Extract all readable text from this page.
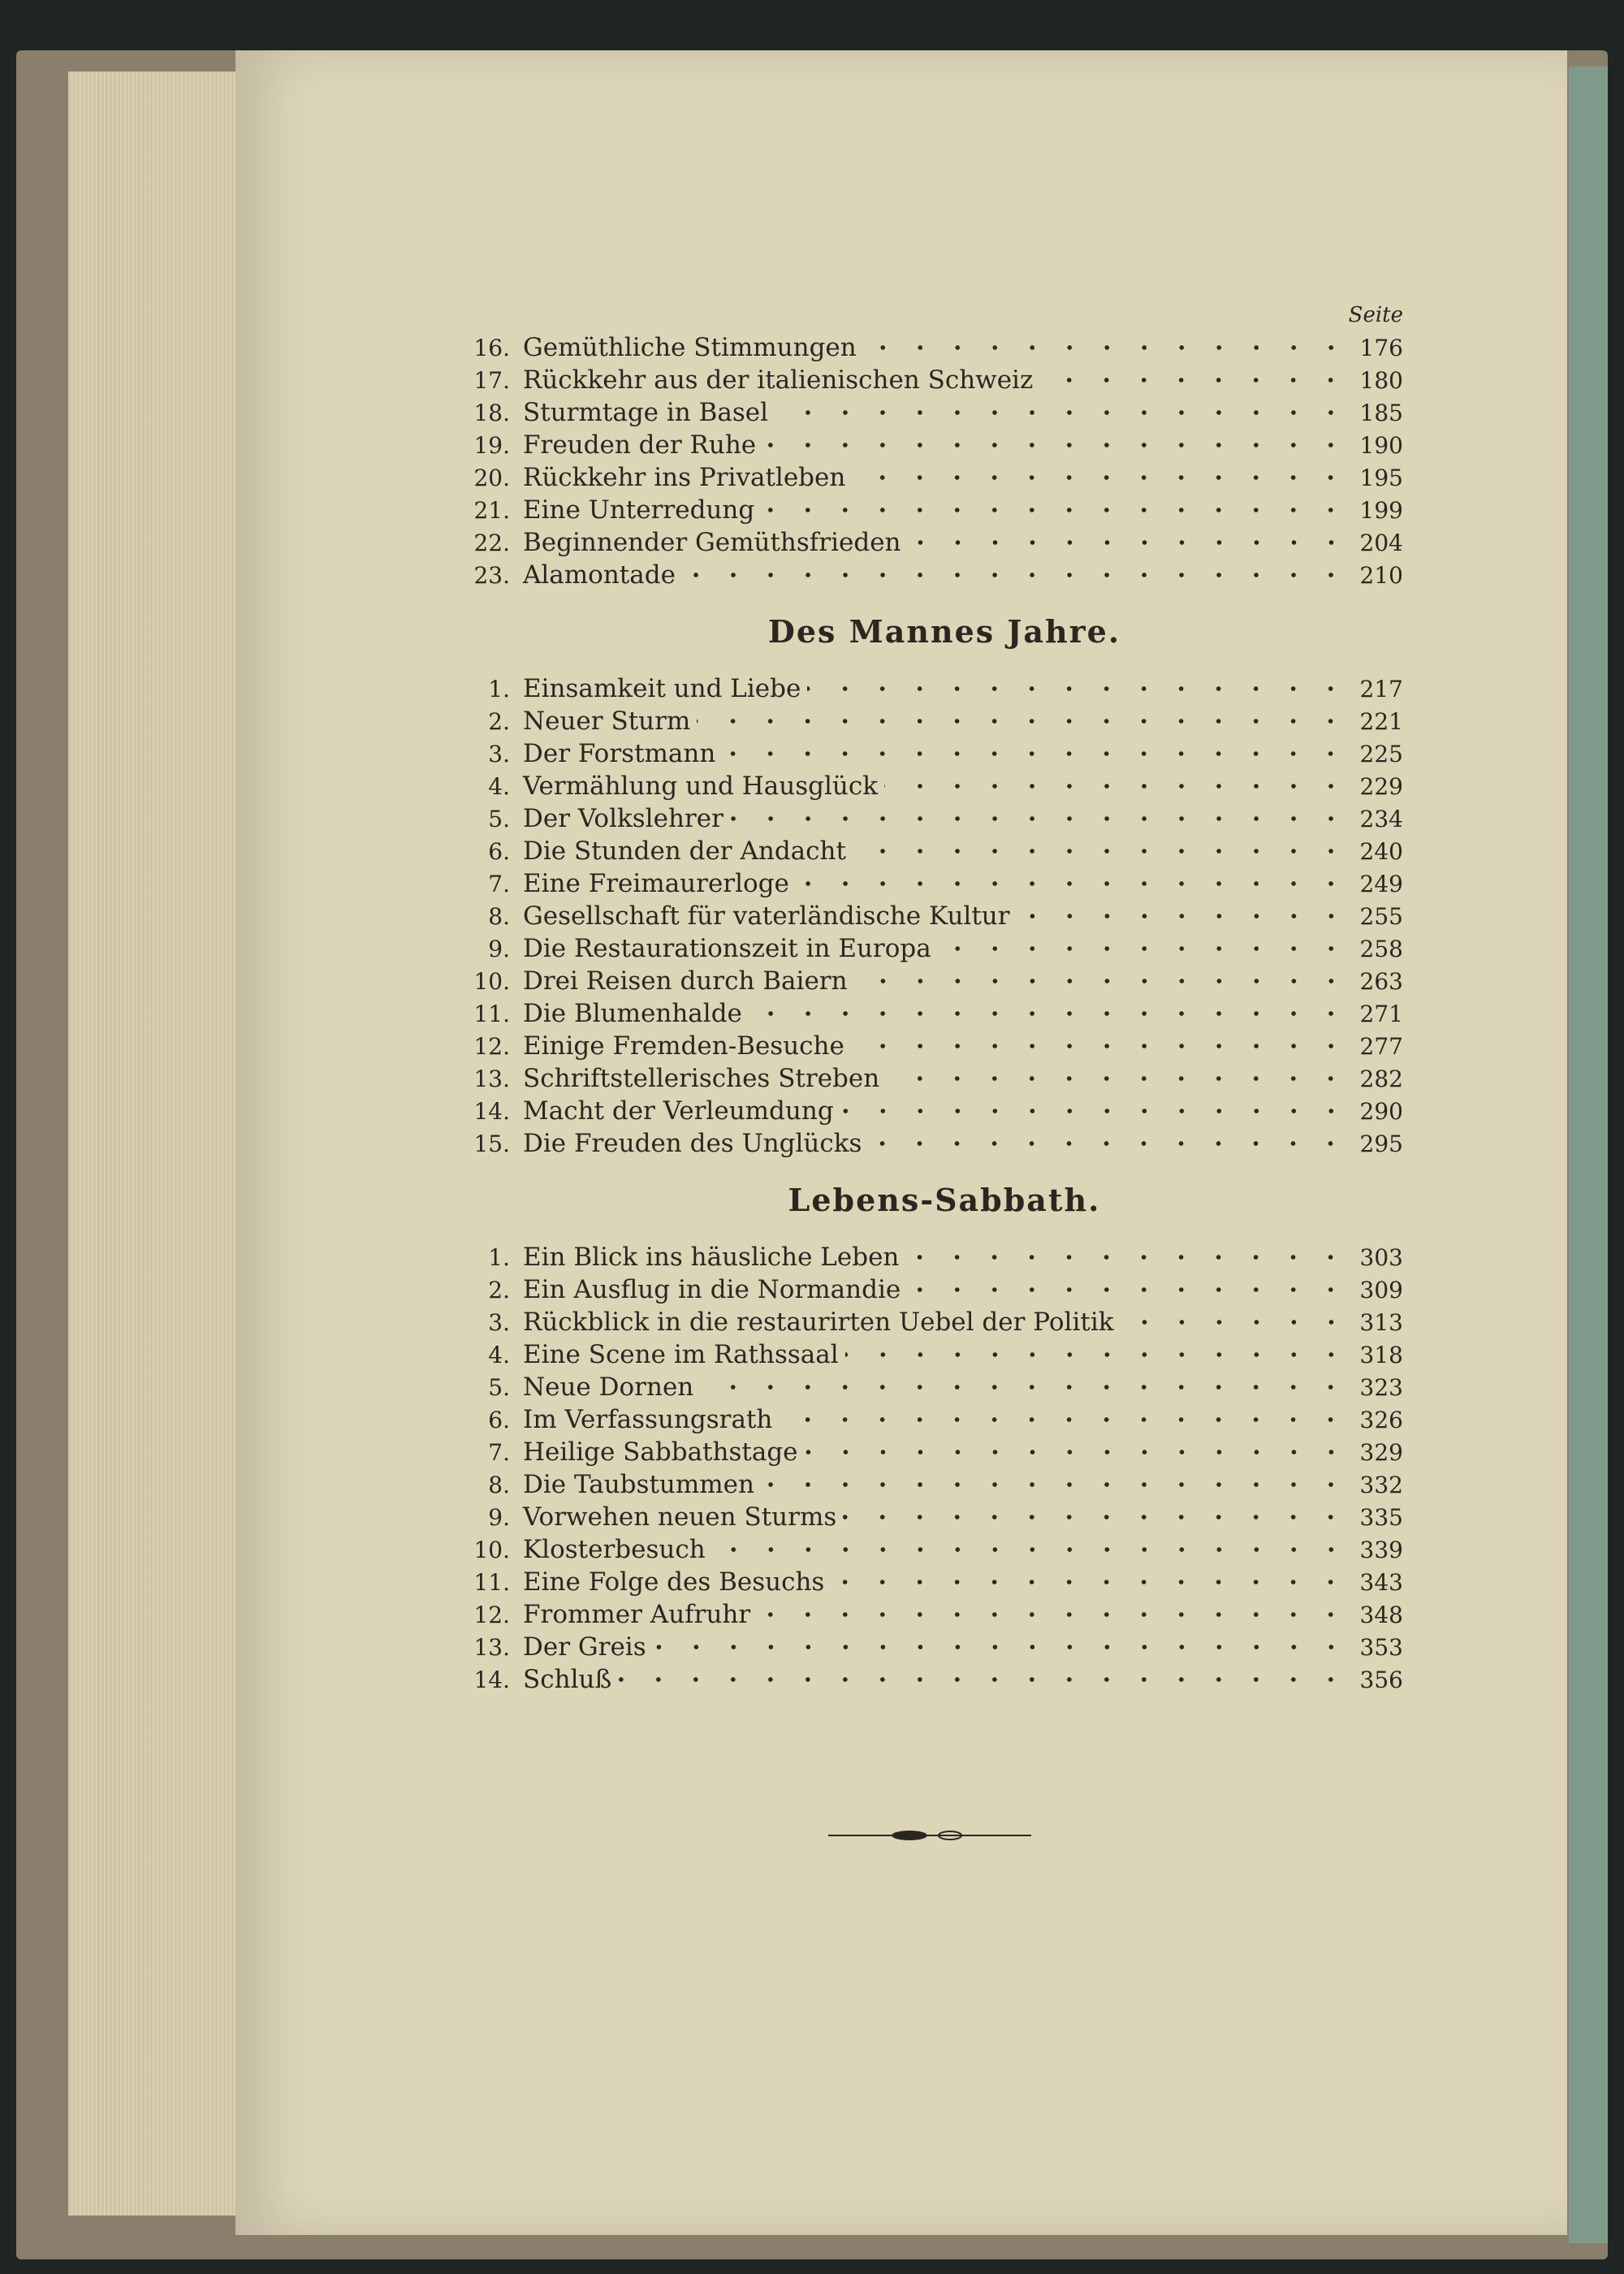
Seite
16. Gemüthliche Stimmungen	176
17. Rückkehr aus der italienischen Schweiz	180
18. Sturmtage in Basel	185
19. Freuden der Ruhe	190
20. Rückkehr ins Privatleben	195
21. Eine Unterredung	199
22. Beginnender Gemüthsfrieden	204
23. Alamontade	210
Des Mannes Jahre.
1. Einsamkeit und Liebe	217
2. Neuer Sturm	221
3. Der Forstmann	225
4. Vermählung und Hausglück	229
5. Der Volkslehrer	234
6. Die Stunden der Andacht	240
7. Eine Freimaurerloge	249
8. Gesellschaft für vaterländische Kultur	255
9. Die Restaurationszeit in Europa	258
10. Drei Reisen durch Baiern	263
11. Die Blumenhalde	271
12. Einige Fremden-Besuche	277
13. Schriftstellerisches Streben	282
14. Macht der Verleumdung	290
15. Die Freuden des Unglücks	295
Lebens-Sabbath.
1. Ein Blick ins häusliche Leben	303
2. Ein Ausflug in die Normandie	309
3. Rückblick in die restaurirten Uebel der Politik	313
4. Eine Scene im Rathssaal	318
5. Neue Dornen	323
6. Im Verfassungsrath	326
7. Heilige Sabbathstage	329
8. Die Taubstummen	332
9. Vorwehen neuen Sturms	335
10. Klosterbesuch	339
11. Eine Folge des Besuchs	343
12. Frommer Aufruhr	348
13. Der Greis	353
14. Schluß	356
